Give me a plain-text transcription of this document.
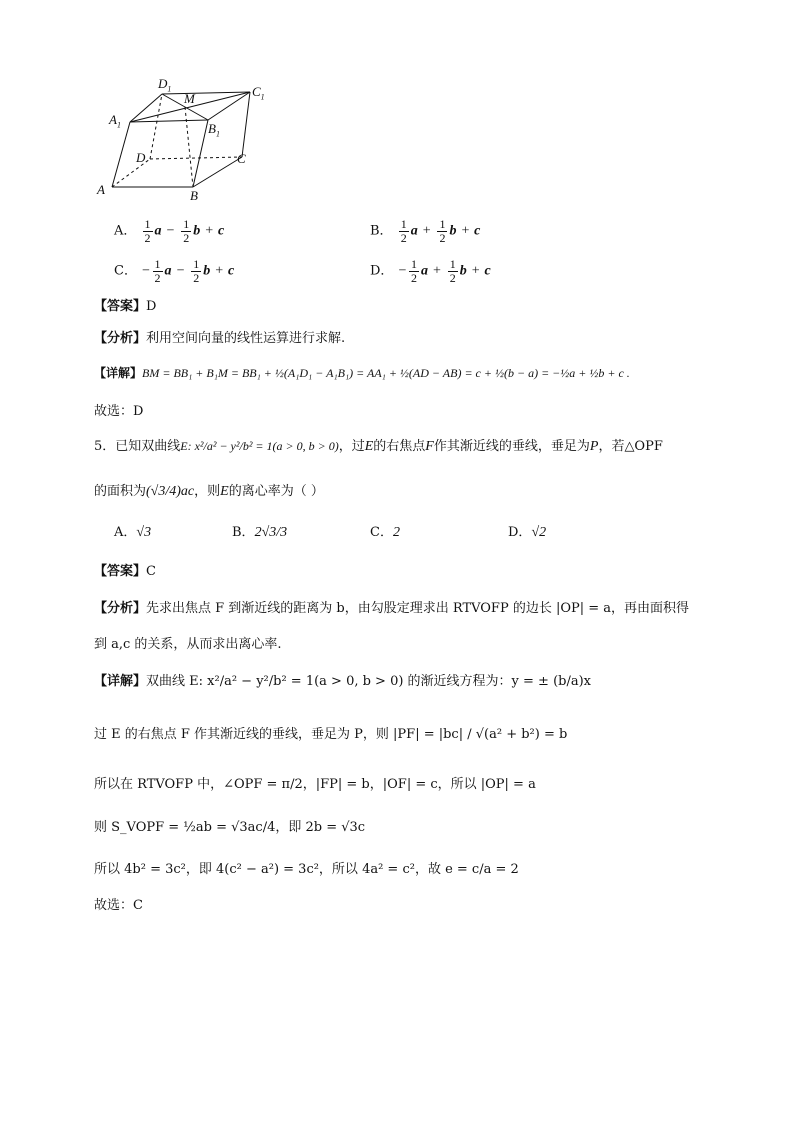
$D_1$
M	$C_1$
$A_1$	$B_1$
D	C
A	B
A． $\frac{1}{2}$ $a - \frac{1}{2}$ b + c	B． $\frac{1}{2}$ $a + \frac{1}{2}$ b + c
C． − $\frac{1}{2}$ $a - \frac{1}{2}$ b + c	D． − $\frac{1}{2}$ $a + \frac{1}{2}$ b + c
【答案】D
【分析】利用空间向量的线性运算进行求解.
【详解】BM = BB₁ + B₁M = BB₁ + ½(A₁D₁ − A₁B₁) = AA₁ + ½(AD − AB) = c + ½(b − a) = −½a + ½b + c .
故选：D
5．已知双曲线E: x²/a² − y²/b² = 1(a > 0, b > 0)，过E的右焦点F作其渐近线的垂线，垂足为P，若△OPF
的面积为(√3/4)ac，则E的离心率为（ ）
A．√3	B．2√3/3	C．2	D．√2
【答案】C
【分析】先求出焦点 F 到渐近线的距离为 b，由勾股定理求出 RTVOFP 的边长 |OP| = a，再由面积得
到 a,c 的关系，从而求出离心率.
【详解】双曲线 E: x²/a² − y²/b² = 1(a > 0, b > 0) 的渐近线方程为：y = ± (b/a)x
过 E 的右焦点 F 作其渐近线的垂线，垂足为 P，则 |PF| = |bc| / √(a² + b²) = b
所以在 RTVOFP 中，∠OPF = π/2，|FP| = b，|OF| = c，所以 |OP| = a
则 S_VOPF = ½ab = √3ac/4，即 2b = √3c
所以 4b² = 3c²，即 4(c² − a²) = 3c²，所以 4a² = c²，故 e = c/a = 2
故选：C
